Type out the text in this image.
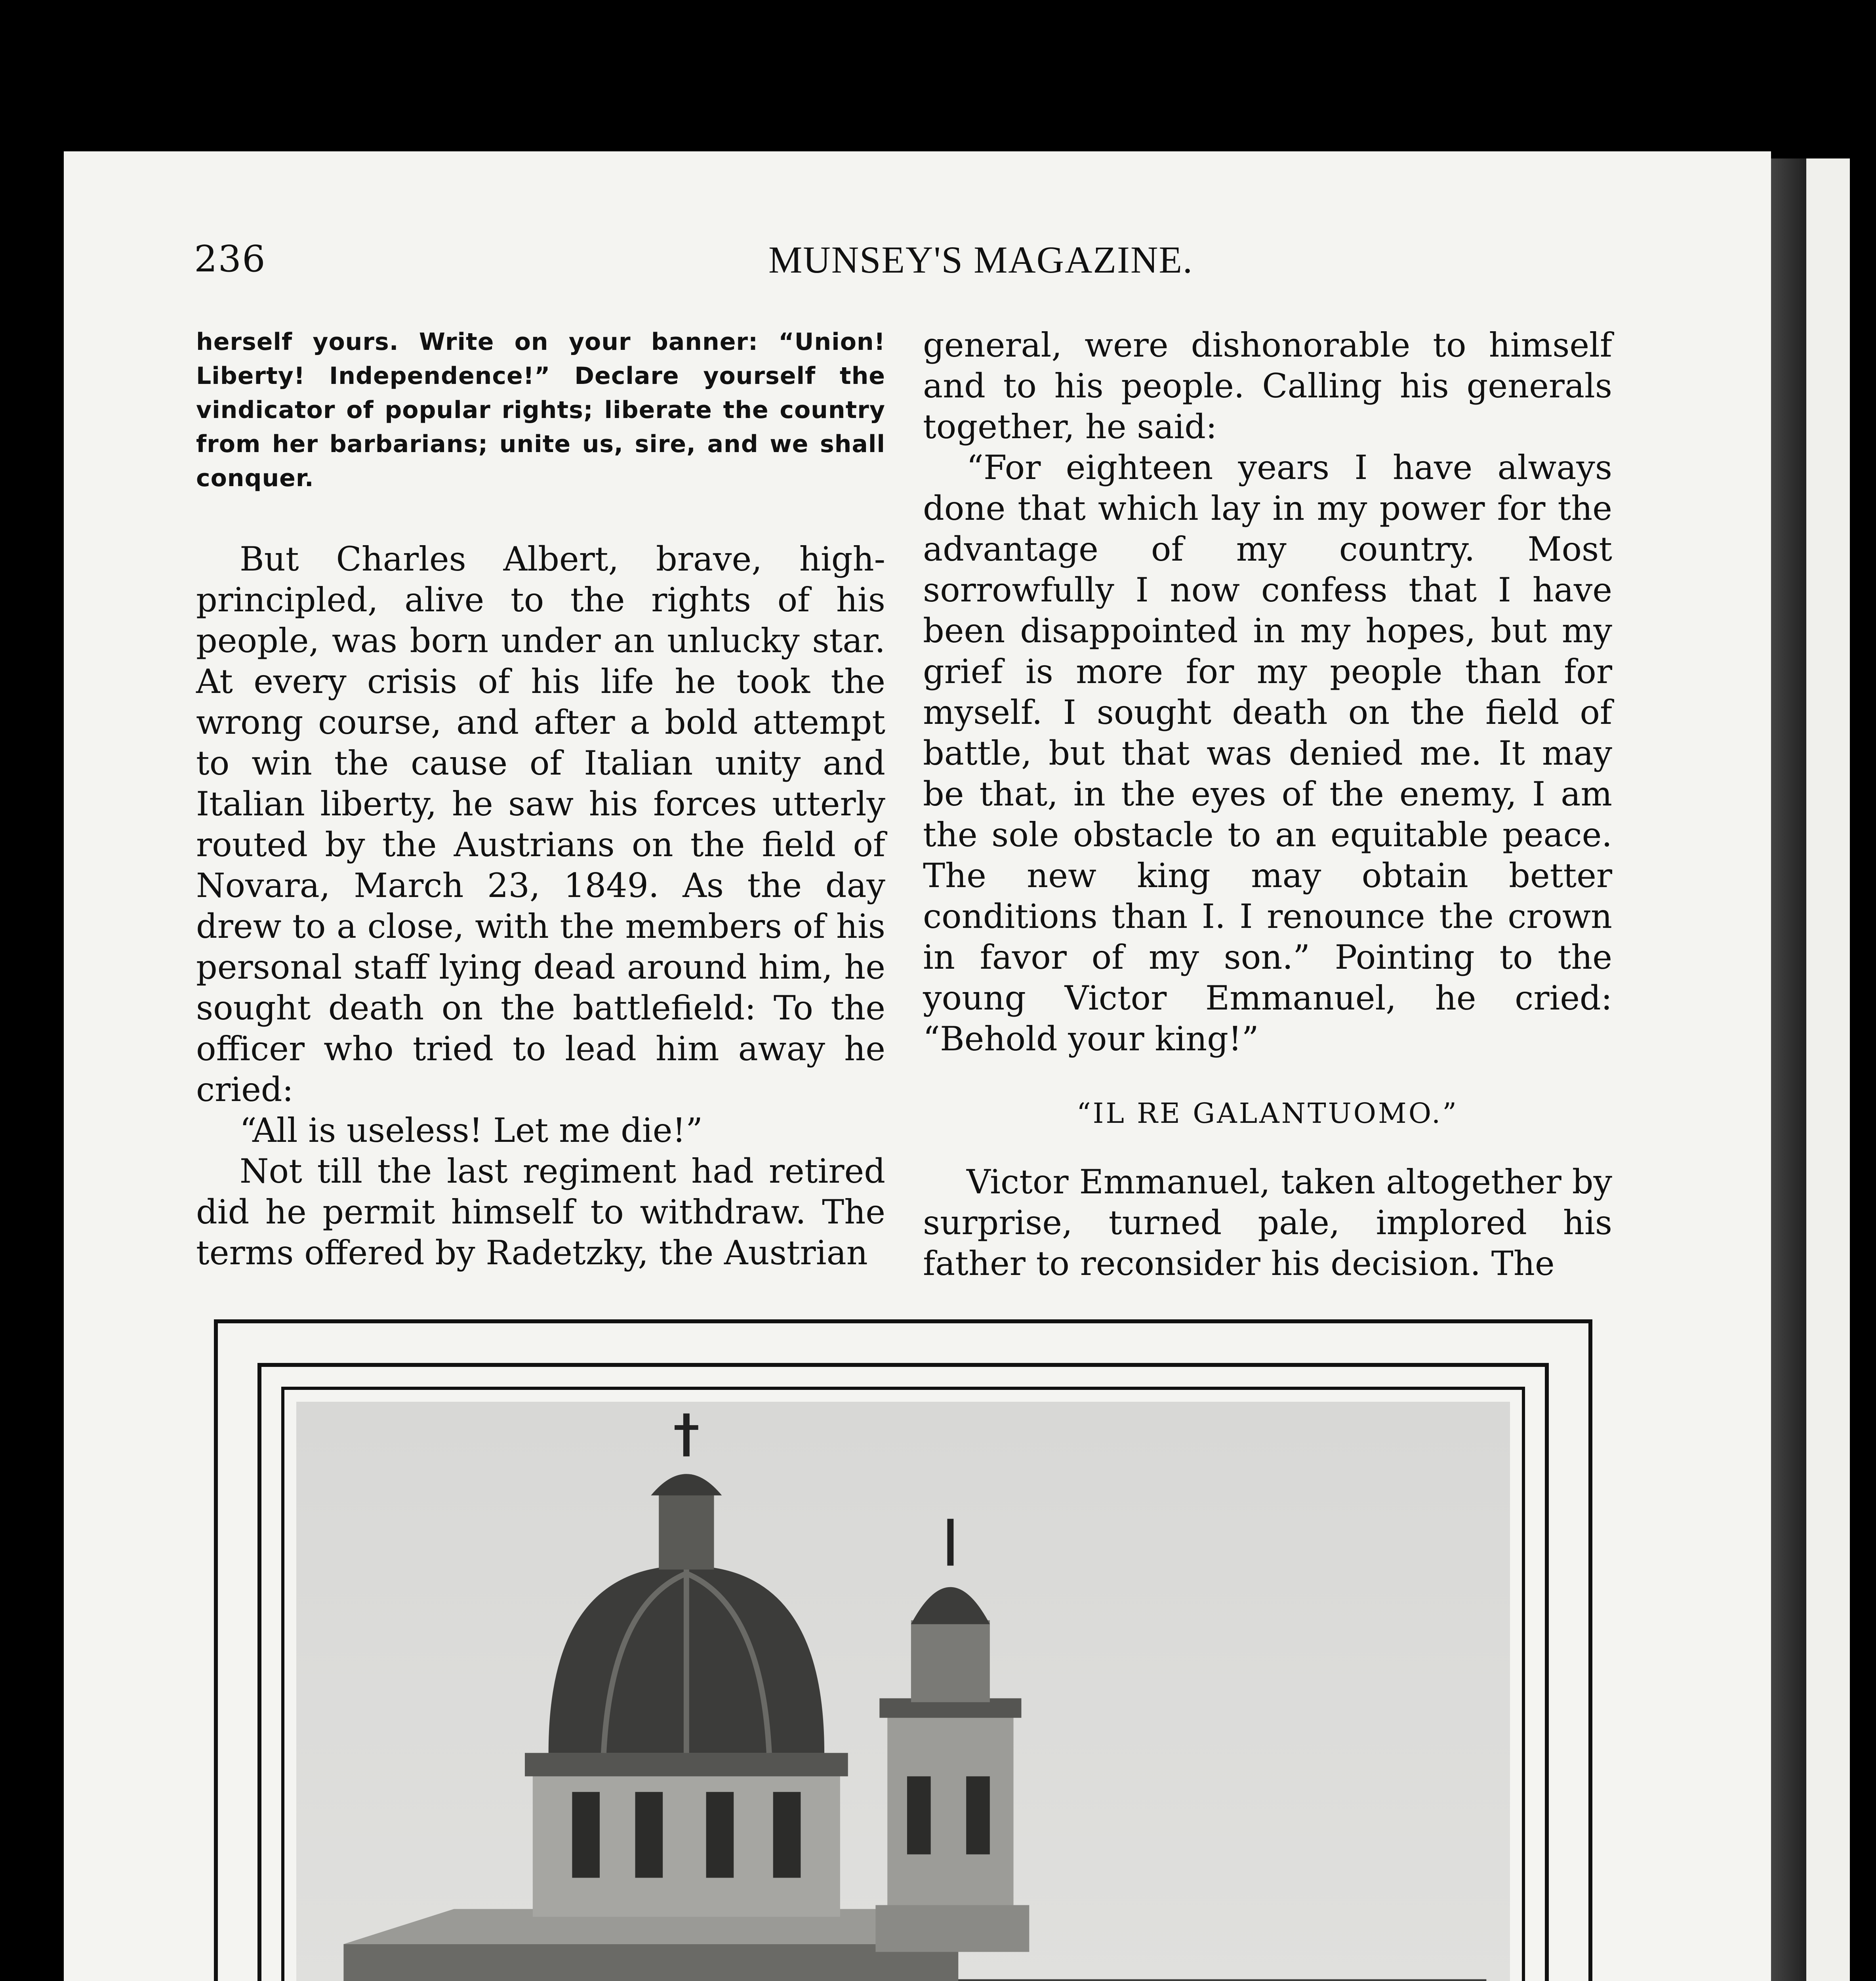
236	MUNSEY'S MAGAZINE.

herself yours. Write on your banner: “Union! Liberty! Independence!” Declare yourself the vindicator of popular rights; liberate the country from her barbarians; unite us, sire, and we shall conquer.

But Charles Albert, brave, high-principled, alive to the rights of his people, was born under an unlucky star. At every crisis of his life he took the wrong course, and after a bold attempt to win the cause of Italian unity and Italian liberty, he saw his forces utterly routed by the Austrians on the field of Novara, March 23, 1849. As the day drew to a close, with the members of his personal staff lying dead around him, he sought death on the battlefield: To the officer who tried to lead him away he cried:

“All is useless! Let me die!”

Not till the last regiment had retired did he permit himself to withdraw. The terms offered by Radetzky, the Austrian

general, were dishonorable to himself and to his people. Calling his generals together, he said:

“For eighteen years I have always done that which lay in my power for the advantage of my country. Most sorrowfully I now confess that I have been disappointed in my hopes, but my grief is more for my people than for myself. I sought death on the field of battle, but that was denied me. It may be that, in the eyes of the enemy, I am the sole obstacle to an equitable peace. The new king may obtain better conditions than I. I renounce the crown in favor of my son.” Pointing to the young Victor Emmanuel, he cried: “Behold your king!”

“IL RE GALANTUOMO.”

Victor Emmanuel, taken altogether by surprise, turned pale, implored his father to reconsider his decision. The
